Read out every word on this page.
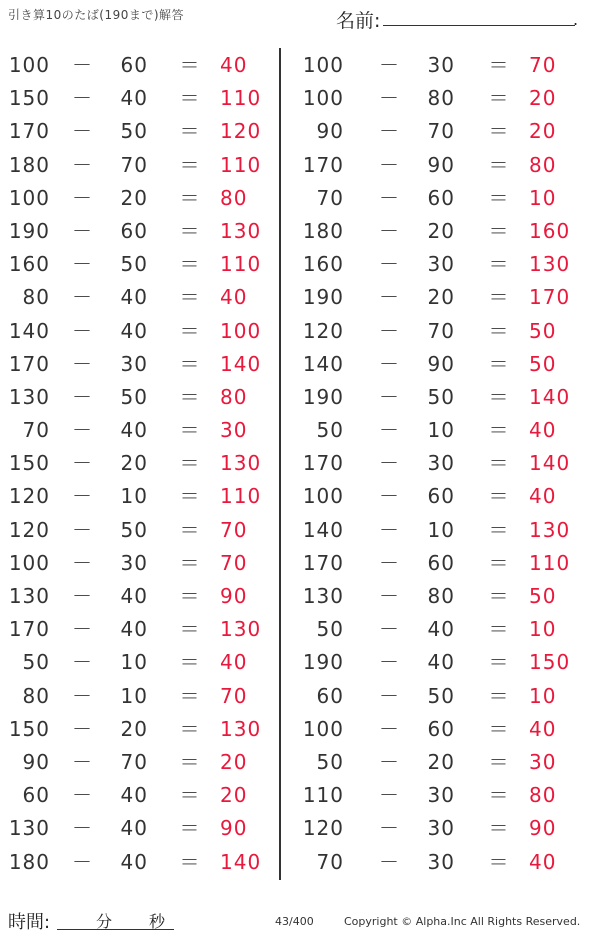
引き算10のたば(190まで)解答	名前:	.
100 －	60 ＝ 40
150 －	40 ＝ 110
170 －	50 ＝ 120
180 －	70 ＝ 110
100 －	20 ＝ 80
190 －	60 ＝ 130
160 －	50 ＝ 110
80 －	40 ＝ 40
140 －	40 ＝ 100
170 －	30 ＝ 140
130 －	50 ＝ 80
70 －	40 ＝ 30
150 －	20 ＝ 130
120 －	10 ＝ 110
120 －	50 ＝ 70
100 －	30 ＝ 70
130 －	40 ＝ 90
170 －	40 ＝ 130
50 －	10 ＝ 40
80 －	10 ＝ 70
150 －	20 ＝ 130
90 －	70 ＝ 20
60 －	40 ＝ 20
130 －	40 ＝ 90
180 －	40 ＝ 140
100 －	30 ＝ 70
100 －	80 ＝ 20
90 －	70 ＝ 20
170 －	90 ＝ 80
70 －	60 ＝ 10
180 －	20 ＝ 160
160 －	30 ＝ 130
190 －	20 ＝ 170
120 －	70 ＝ 50
140 －	90 ＝ 50
190 －	50 ＝ 140
50 －	10 ＝ 40
170 －	30 ＝ 140
100 －	60 ＝ 40
140 －	10 ＝ 130
170 －	60 ＝ 110
130 －	80 ＝ 50
50 －	40 ＝ 10
190 －	40 ＝ 150
60 －	50 ＝ 10
100 －	60 ＝ 40
50 －	20 ＝ 30
110 －	30 ＝ 80
120 －	30 ＝ 90
70 －	30 ＝ 40
時間:	分 秒	43/400	Copyright © Alpha.Inc All Rights Reserved.
